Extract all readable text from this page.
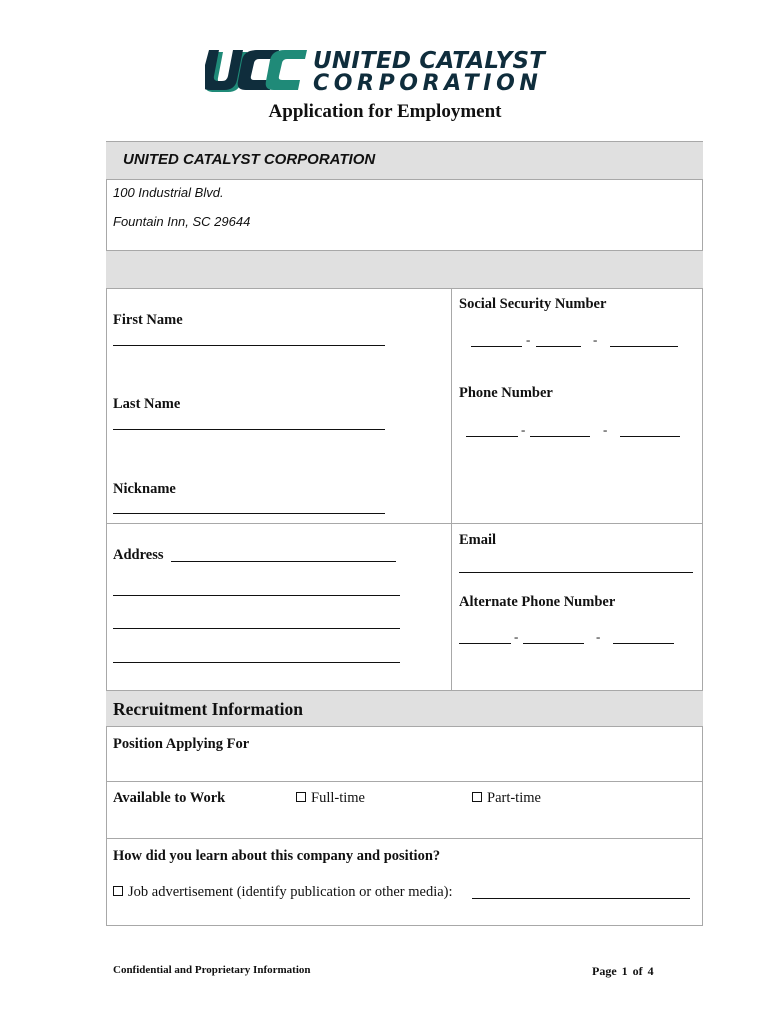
UNITED CATALYST
CORPORATION
Application for Employment
UNITED CATALYST CORPORATION
100 Industrial Blvd.
Fountain Inn, SC 29644
First Name
Last Name
Nickname
Social Security Number
-	-
Phone Number
-	-
Address
Email
Alternate Phone Number
-	-
Recruitment Information
Position Applying For
Available to Work	Full-time	Part-time
How did you learn about this company and position?
Job advertisement (identify publication or other media):
Confidential and Proprietary Information	Page 1 of 4
